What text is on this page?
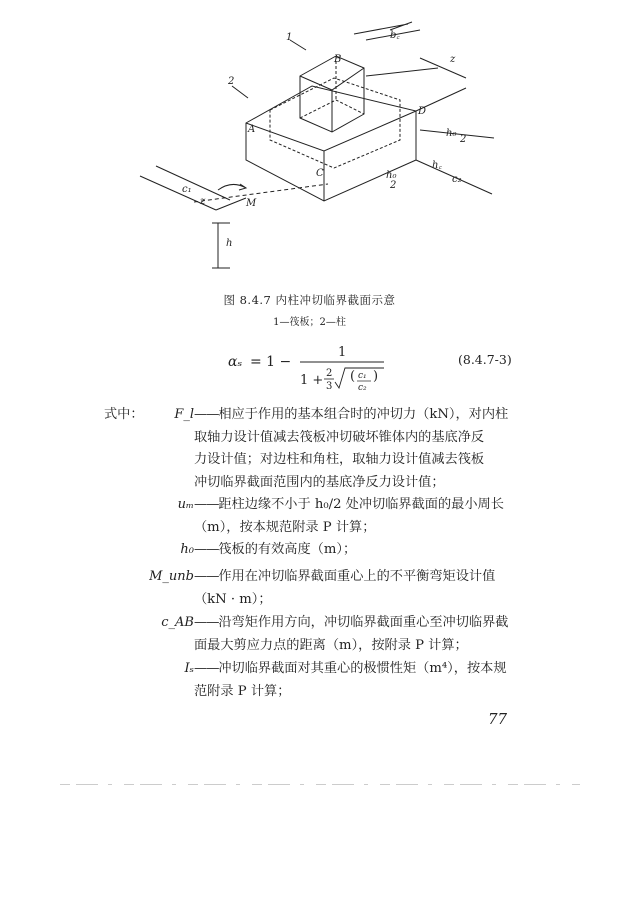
1
2
A
B
C
D
M
z
z
c₁
c₂
b꜀
h꜀
h₀
2
h₀
2
h
图 8.4.7 内柱冲切临界截面示意
1—筏板；2—柱
αₛ = 1 −
1
1 + 2
3
( c₁
c₂
)
(8.4.7-3)
式中：	F_l ——相应于作用的基本组合时的冲切力（kN），对内柱
取轴力设计值减去筏板冲切破坏锥体内的基底净反
力设计值；对边柱和角柱，取轴力设计值减去筏板
冲切临界截面范围内的基底净反力设计值；
uₘ ——距柱边缘不小于 h₀/2 处冲切临界截面的最小周长
（m），按本规范附录 P 计算；
h₀ ——筏板的有效高度（m）；
M_unb ——作用在冲切临界截面重心上的不平衡弯矩设计值
（kN · m）；
c_AB ——沿弯矩作用方向，冲切临界截面重心至冲切临界截
面最大剪应力点的距离（m），按附录 P 计算；
Iₛ ——冲切临界截面对其重心的极惯性矩（m⁴），按本规
范附录 P 计算；
77
